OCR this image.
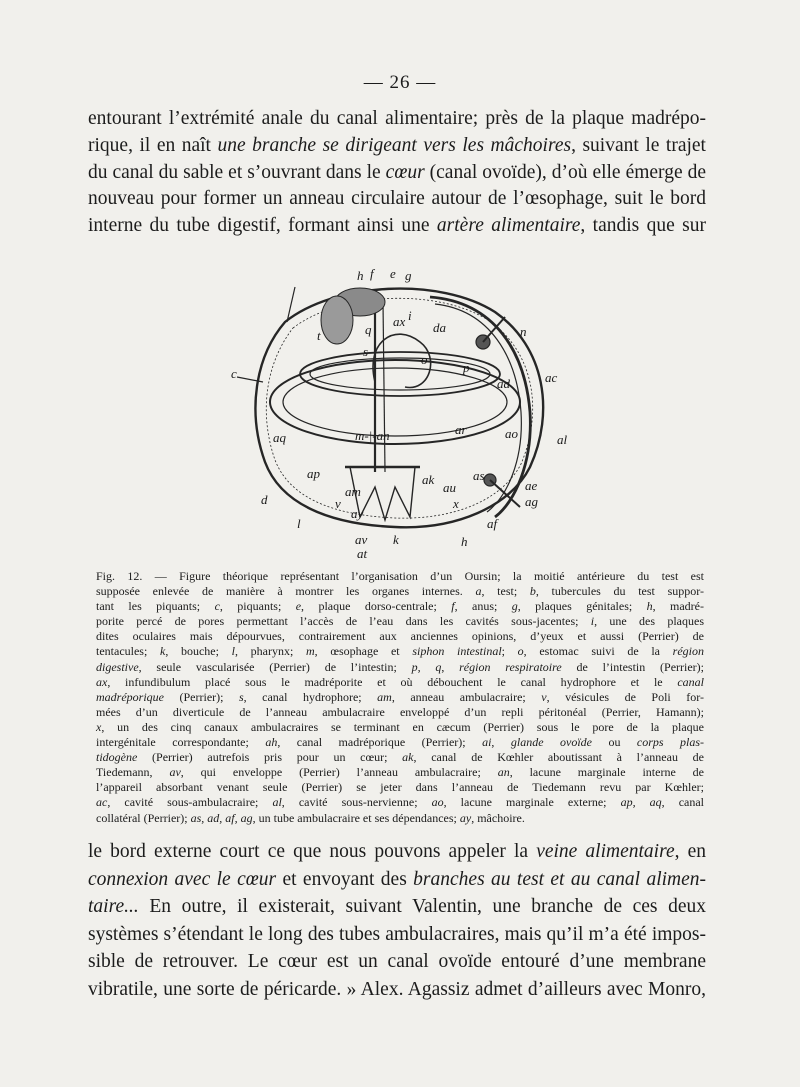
— 26 —

entourant l’extrémité anale du canal alimentaire; près de la plaque madrépo-
rique, il en naît une branche se dirigeant vers les mâchoires, suivant le trajet
du canal du sable et s’ouvrant dans le cœur (canal ovoïde), d’où elle émerge de
nouveau pour former un anneau circulaire autour de l’œsophage, suit le bord
interne du tube digestif, formant ainsi une artère alimentaire, tandis que sur

h f e g
i
ax
q
t
s
da	n
c
o
p
ad	ac
aq	m-|-an	ar	ao	al
ap	ak
au
as
am	ae
d	v	x	ag
ay
l
av k
af
h
at

Fig. 12. — Figure théorique représentant l’organisation d’un Oursin; la moitié antérieure du test est
supposée enlevée de manière à montrer les organes internes. a, test; b, tubercules du test suppor-
tant les piquants; c, piquants; e, plaque dorso-centrale; f, anus; g, plaques génitales; h, madré-
porite percé de pores permettant l’accès de l’eau dans les cavités sous-jacentes; i, une des plaques
dites oculaires mais dépourvues, contrairement aux anciennes opinions, d’yeux et aussi (Perrier) de
tentacules; k, bouche; l, pharynx; m, œsophage et siphon intestinal; o, estomac suivi de la région
digestive, seule vascularisée (Perrier) de l’intestin; p, q, région respiratoire de l’intestin (Perrier);
ax, infundibulum placé sous le madréporite et où débouchent le canal hydrophore et le canal
madréporique (Perrier); s, canal hydrophore; am, anneau ambulacraire; v, vésicules de Poli for-
mées d’un diverticule de l’anneau ambulacraire enveloppé d’un repli péritonéal (Perrier, Hamann);
x, un des cinq canaux ambulacraires se terminant en cæcum (Perrier) sous le pore de la plaque
intergénitale correspondante; ah, canal madréporique (Perrier); ai, glande ovoïde ou corps plas-
tidogène (Perrier) autrefois pris pour un cœur; ak, canal de Kœhler aboutissant à l’anneau de
Tiedemann, av, qui enveloppe (Perrier) l’anneau ambulacraire; an, lacune marginale interne de
l’appareil absorbant venant seule (Perrier) se jeter dans l’anneau de Tiedemann revu par Kœhler;
ac, cavité sous-ambulacraire; al, cavité sous-nervienne; ao, lacune marginale externe; ap, aq, canal
collatéral (Perrier); as, ad, af, ag, un tube ambulacraire et ses dépendances; ay, mâchoire.

le bord externe court ce que nous pouvons appeler la veine alimentaire, en
connexion avec le cœur et envoyant des branches au test et au canal alimen-
taire... En outre, il existerait, suivant Valentin, une branche de ces deux
systèmes s’étendant le long des tubes ambulacraires, mais qu’il m’a été impos-
sible de retrouver. Le cœur est un canal ovoïde entouré d’une membrane
vibratile, une sorte de péricarde. » Alex. Agassiz admet d’ailleurs avec Monro,
